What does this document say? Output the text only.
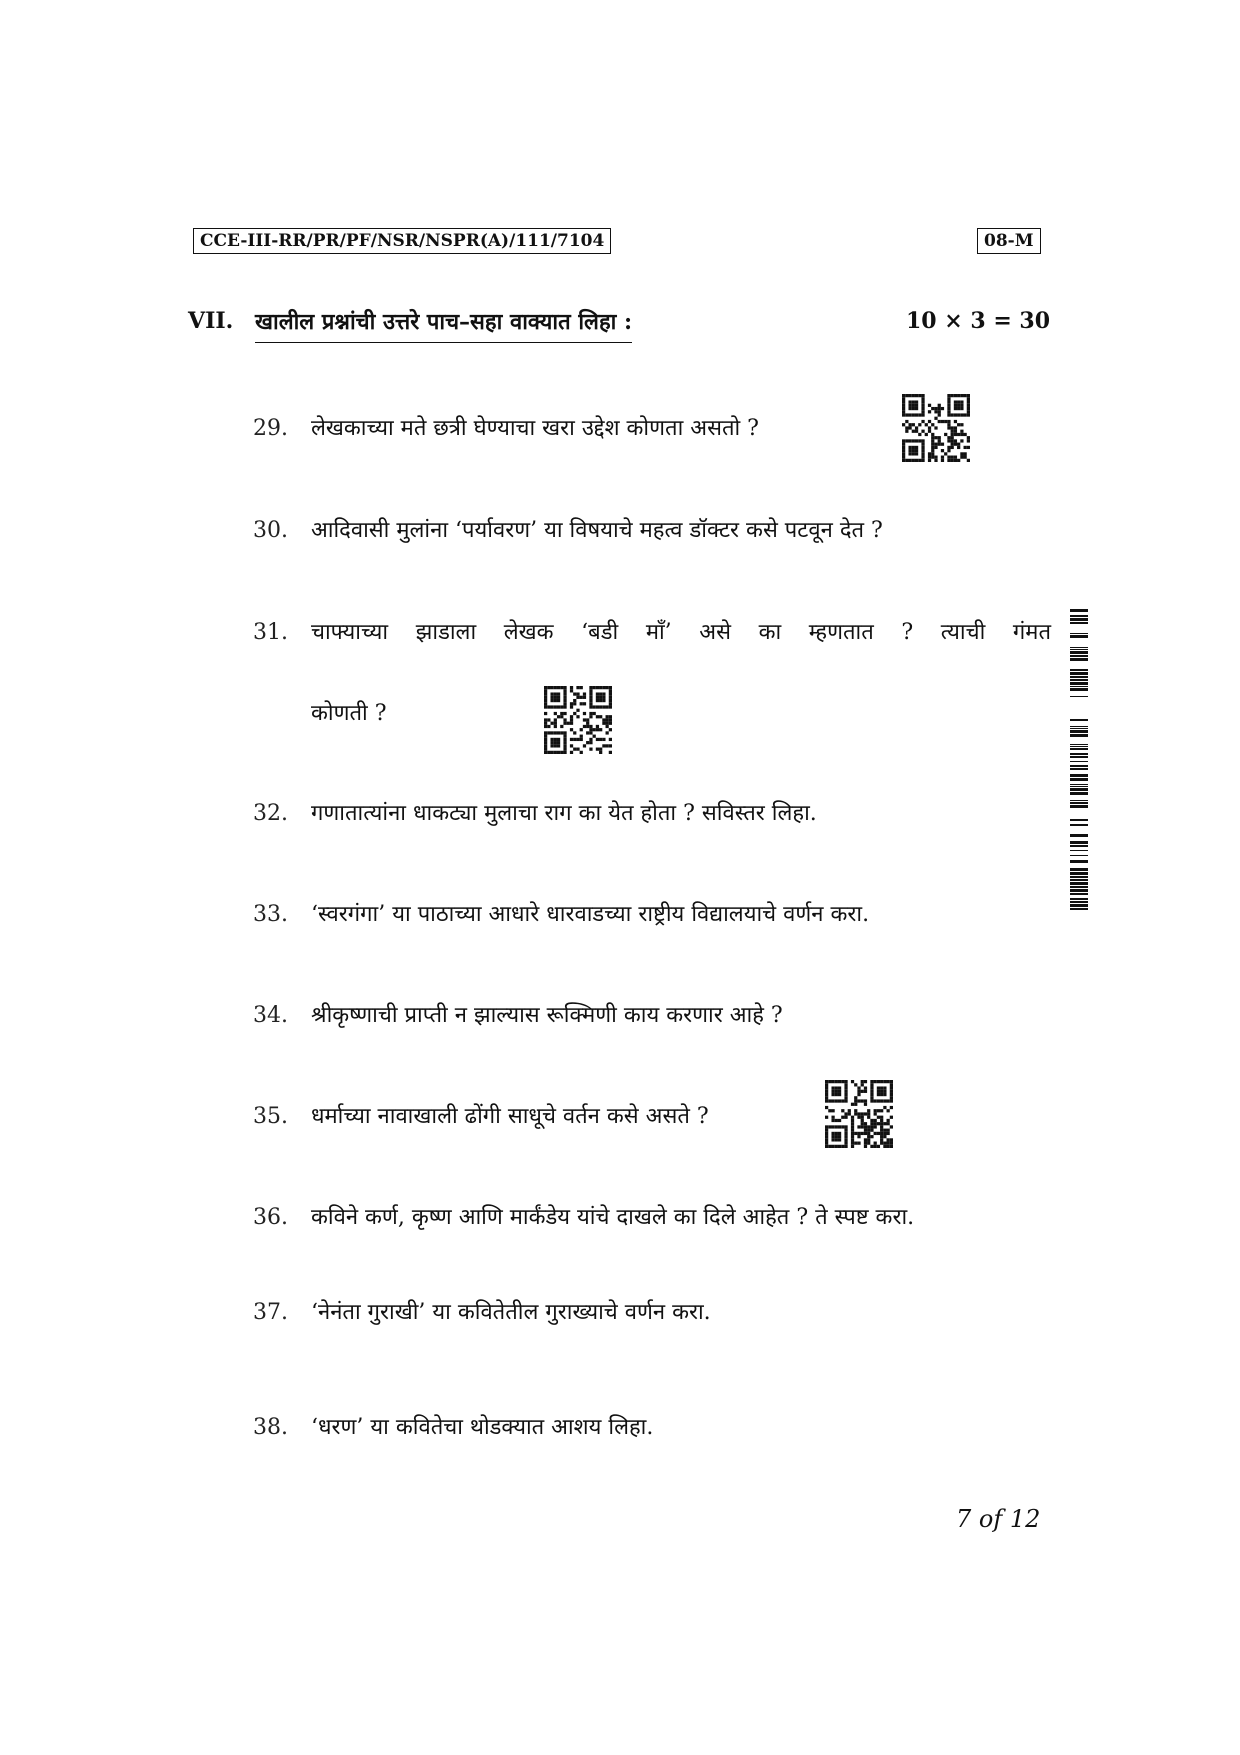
CCE-III-RR/PR/PF/NSR/NSPR(A)/111/7104	08-M
VII. खालील प्रश्नांची उत्तरे पाच–सहा वाक्यात लिहा :	10 × 3 = 30
29. लेखकाच्या मते छत्री घेण्याचा खरा उद्देश कोणता असतो ?
30. आदिवासी मुलांना ‘पर्यावरण’ या विषयाचे महत्व डॉक्टर कसे पटवून देत ?
31. चाफ्याच्या झाडाला लेखक ‘बडी माँ’ असे का म्हणतात ? त्याची गंमत
कोणती ?
32. गणातात्यांना धाकट्या मुलाचा राग का येत होता ? सविस्तर लिहा.
33. ‘स्वरगंगा’ या पाठाच्या आधारे धारवाडच्या राष्ट्रीय विद्यालयाचे वर्णन करा.
34. श्रीकृष्णाची प्राप्ती न झाल्यास रूक्मिणी काय करणार आहे ?
35. धर्माच्या नावाखाली ढोंगी साधूचे वर्तन कसे असते ?
36. कविने कर्ण, कृष्ण आणि मार्कंडेय यांचे दाखले का दिले आहेत ? ते स्पष्ट करा.
37. ‘नेनंता गुराखी’ या कवितेतील गुराख्याचे वर्णन करा.
38. ‘धरण’ या कवितेचा थोडक्यात आशय लिहा.
7 of 12
